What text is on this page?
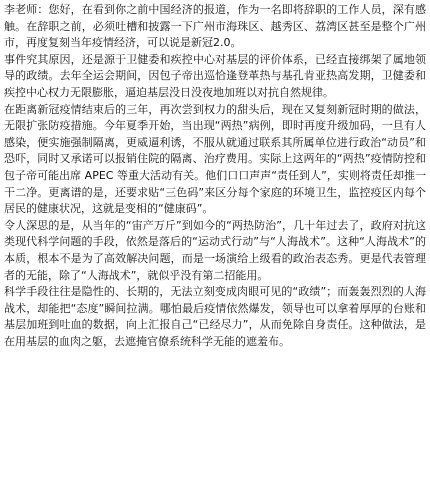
李老师：您好，在看到你之前中国经济的报道，作为一名即将辞职的工作人员，深有感触。在辞职之前，必须吐槽和披露一下广州市海珠区、越秀区、荔湾区甚至是整个广州市，再度复刻当年疫情经济，可以说是新冠2.0。

事件究其原因，还是源于卫健委和疾控中心对基层的评价体系，已经直接绑架了属地领导的政绩。去年全运会期间，因包子帝出巡恰逢登革热与基孔肯亚热高发期，卫健委和疾控中心权力无限膨胀，逼迫基层没日没夜地加班以对抗自然规律。

在距离新冠疫情结束后的三年，再次尝到权力的甜头后，现在又复刻新冠时期的做法，无限扩张防疫措施。今年夏季开始，当出现“两热”病例，即时再度升级加码，一旦有人感染，便实施强制隔离，更威逼利诱，不服从就通过联系其所属单位进行政治“动员”和恐吓，同时又承诺可以报销住院的隔离、治疗费用。实际上这两年的“两热”疫情防控和包子帝可能出席 APEC 等重大活动有关。他们口口声声“责任到人”，实则将责任却推一干二净。更离谱的是，还要求贴“三色码”来区分每个家庭的环境卫生，监控疫区内每个居民的健康状况，这就是变相的“健康码”。

令人深思的是，从当年的“宙产万斤”到如今的“两热防治”，几十年过去了，政府对抗这类现代科学问题的手段，依然是落后的“运动式行动”与“人海战术”。这种“人海战术”的本质，根本不是为了高效解决问题，而是一场演给上级看的政治表态秀。更是代表管理者的无能，除了“人海战术”，就似乎没有第二招能用。

科学手段往往是隐性的、长期的，无法立刻变成肉眼可见的“政绩”；而轰轰烈烈的人海战术，却能把“态度”瞬间拉满。哪怕最后疫情依然爆发，领导也可以拿着厚厚的台账和基层加班到吐血的数据，向上汇报自己“已经尽力”，从而免除自身责任。这种做法，是在用基层的血肉之躯，去遮掩官僚系统科学无能的遮羞布。
